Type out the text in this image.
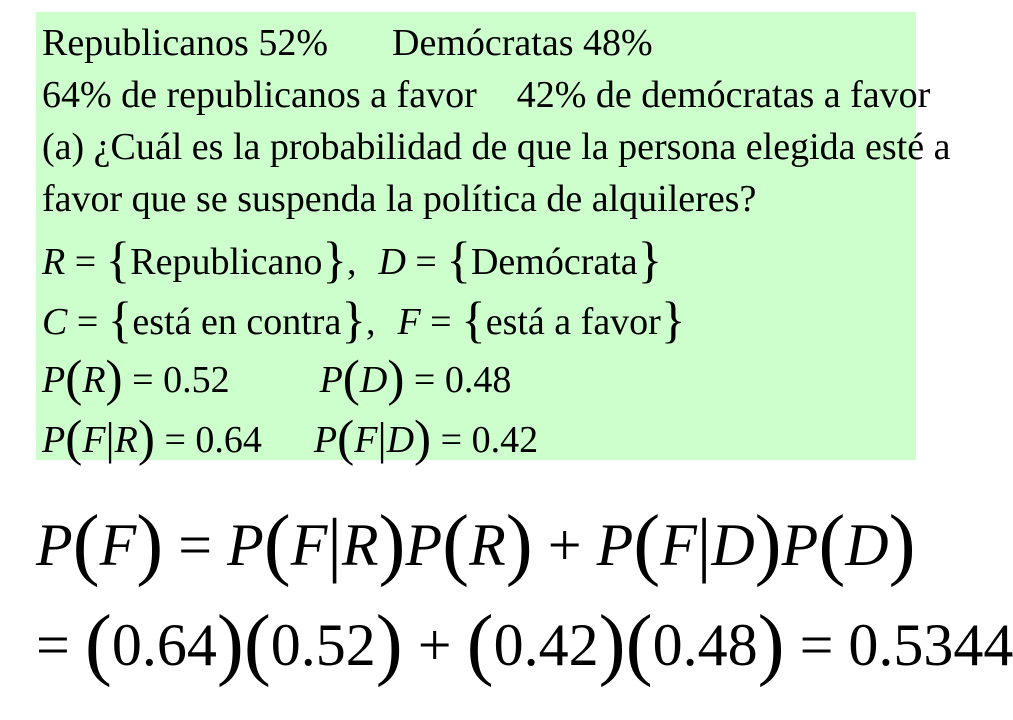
Republicanos 52% Demócratas 48%
64% de republicanos a favor 42% de demócratas a favor
(a) ¿Cuál es la probabilidad de que la persona elegida esté a
favor que se suspenda la política de alquileres?
R = {Republicano}, D = {Demócrata}
C = {está en contra}, F = {está a favor}
P(R) = 0.52 P(D) = 0.48
P(F|R) = 0.64 P(F|D) = 0.42
P(F) = P(F|R)P(R) + P(F|D)P(D)
= (0.64)(0.52) + (0.42)(0.48) = 0.5344
